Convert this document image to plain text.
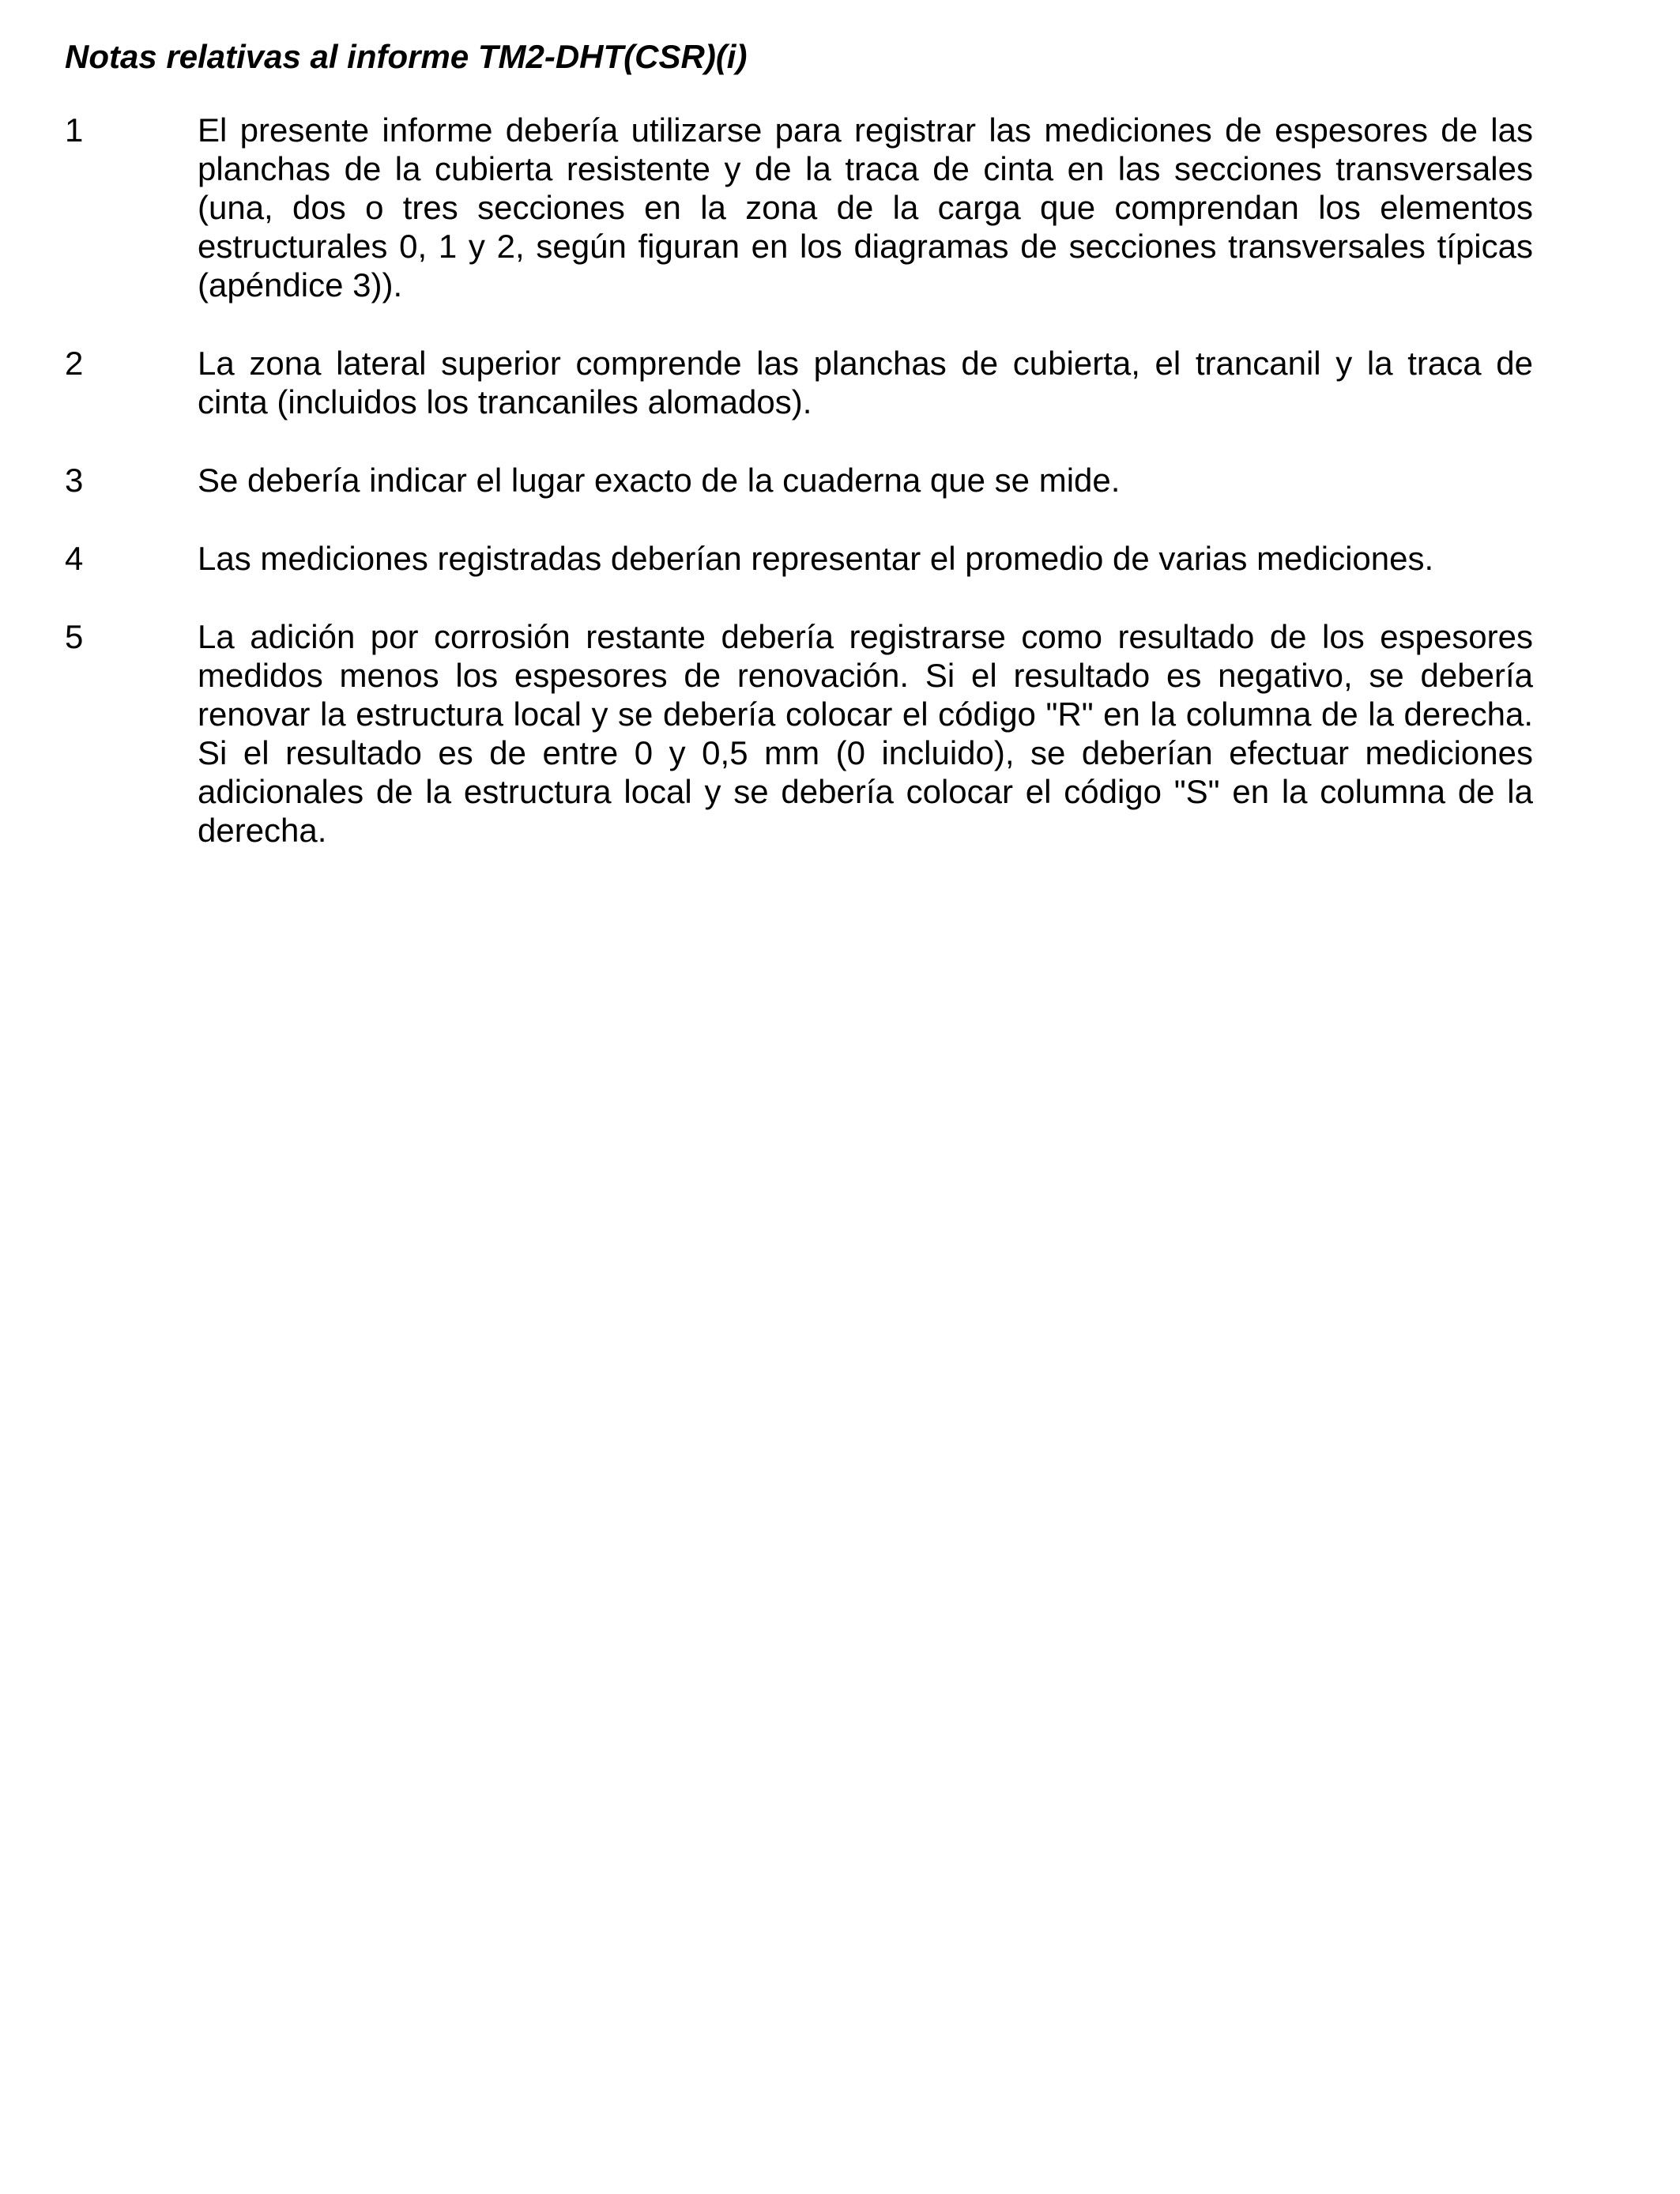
Notas relativas al informe TM2-DHT(CSR)(i)
1	El presente informe debería utilizarse para registrar las mediciones de espesores de las planchas de la cubierta resistente y de la traca de cinta en las secciones transversales (una, dos o tres secciones en la zona de la carga que comprendan los elementos estructurales 0, 1 y 2, según figuran en los diagramas de secciones transversales típicas (apéndice 3)).
2	La zona lateral superior comprende las planchas de cubierta, el trancanil y la traca de cinta (incluidos los trancaniles alomados).
3	Se debería indicar el lugar exacto de la cuaderna que se mide.
4	Las mediciones registradas deberían representar el promedio de varias mediciones.
5	La adición por corrosión restante debería registrarse como resultado de los espesores medidos menos los espesores de renovación. Si el resultado es negativo, se debería renovar la estructura local y se debería colocar el código "R" en la columna de la derecha. Si el resultado es de entre 0 y 0,5 mm (0 incluido), se deberían efectuar mediciones adicionales de la estructura local y se debería colocar el código "S" en la columna de la derecha.
